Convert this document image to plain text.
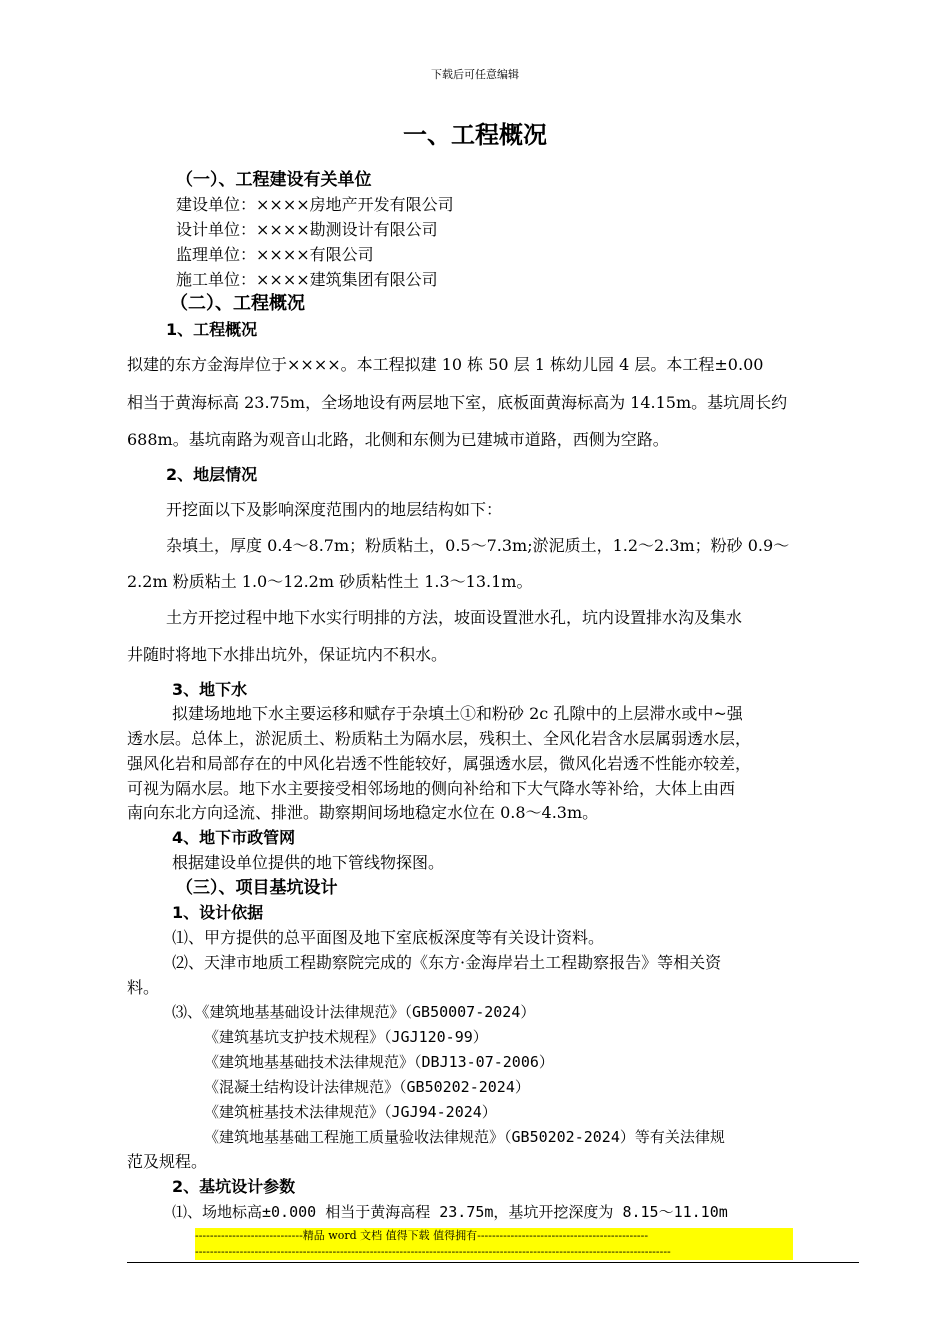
下载后可任意编辑
一、工程概况
（一）、工程建设有关单位
建设单位：××××房地产开发有限公司
设计单位：××××勘测设计有限公司
监理单位：××××有限公司
施工单位：××××建筑集团有限公司
（二）、工程概况
1、工程概况
拟建的东方金海岸位于××××。本工程拟建 10 栋 50 层 1 栋幼儿园 4 层。本工程±0.00
相当于黄海标高 23.75m，全场地设有两层地下室，底板面黄海标高为 14.15m。基坑周长约
688m。基坑南路为观音山北路，北侧和东侧为已建城市道路，西侧为空路。
2、地层情况
开挖面以下及影响深度范围内的地层结构如下：
杂填土，厚度 0.4～8.7m；粉质粘土，0.5～7.3m;淤泥质土，1.2～2.3m；粉砂 0.9～
2.2m 粉质粘土 1.0～12.2m 砂质粘性土 1.3～13.1m。
土方开挖过程中地下水实行明排的方法，坡面设置泄水孔，坑内设置排水沟及集水
井随时将地下水排出坑外，保证坑内不积水。
3、地下水
拟建场地地下水主要运移和赋存于杂填土①和粉砂 2c 孔隙中的上层滞水或中~强
透水层。总体上，淤泥质土、粉质粘土为隔水层，残积土、全风化岩含水层属弱透水层，
强风化岩和局部存在的中风化岩透不性能较好，属强透水层，微风化岩透不性能亦较差，
可视为隔水层。地下水主要接受相邻场地的侧向补给和下大气降水等补给，大体上由西
南向东北方向迳流、排泄。勘察期间场地稳定水位在 0.8～4.3m。
4、地下市政管网
根据建设单位提供的地下管线物探图。
（三）、项目基坑设计
1、设计依据
⑴、甲方提供的总平面图及地下室底板深度等有关设计资料。
⑵、天津市地质工程勘察院完成的《东方·金海岸岩土工程勘察报告》等相关资
料。
⑶、《建筑地基基础设计法律规范》（GB50007-2024）
《建筑基坑支护技术规程》（JGJ120-99）
《建筑地基基础技术法律规范》（DBJ13-07-2006）
《混凝土结构设计法律规范》（GB50202-2024）
《建筑桩基技术法律规范》（JGJ94-2024）
《建筑地基基础工程施工质量验收法律规范》（GB50202-2024）等有关法律规
范及规程。
2、基坑设计参数
⑴、场地标高±0.000 相当于黄海高程 23.75m，基坑开挖深度为 8.15～11.10m
-----------------------------精品 word 文档 值得下载 值得拥有----------------------------------------------
--------------------------------------------------------------------------------------------------------------------------------
